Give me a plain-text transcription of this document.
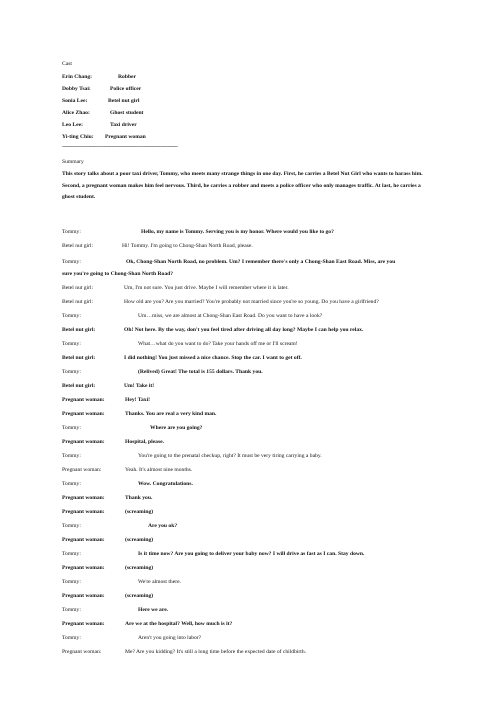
Cast
Erin Chang:	Robber
Dobby Tsai:	Police officer
Sonia Lee:	Betel nut girl
Alice Zhao:	Ghost student
Leo Lee:	Taxi driver
Yi-ting Chiu: Pregnant woman
-------------------------------------------------------------------------------
Summary
This story talks about a poor taxi driver, Tommy, who meets many strange things in one day. First, he carries a Betel Nut Girl who wants to harass him. Second, a pregnant woman makes him feel nervous. Third, he carries a robber and meets a police officer who only manages traffic. At last, he carries a ghost student.
Tommy:	Hello, my name is Tommy. Serving you is my honor. Where would you like to go?
Betel nut girl:	Hi! Tommy. I'm going to Chong-Shan North Road, please.
Tommy:	Ok, Chong-Shan North Road, no problem. Um? I remember there's only a Chong-Shan East Road. Miss, are you
sure you're going to Chong-Shan North Road?
Betel nut girl:	Um, I'm not sure. You just drive. Maybe I will remember where it is later.
Betel nut girl:	How old are you? Are you married? You're probably not married since you're so young. Do you have a girlfriend?
Tommy:	Um…miss, we are almost at Chong-Shan East Road. Do you want to have a look?
Betel nut girl:	Oh! Not here. By the way, don't you feel tired after driving all day long? Maybe I can help you relax.
Tommy:	What…what do you want to do? Take your hands off me or I'll scream!
Betel nut girl:	I did nothing! You just missed a nice chance. Stop the car. I want to get off.
Tommy:	(Relived) Great! The total is 155 dollars. Thank you.
Betel nut girl:	Um! Take it!
Pregnant woman:	Hey! Taxi!
Pregnant woman:	Thanks. You are real a very kind man.
Tommy:	Where are you going?
Pregnant woman:	Hospital, please.
Tommy:	You're going to the prenatal checkup, right? It must be very tiring carrying a baby.
Pregnant woman:	Yeah. It's almost nine months.
Tommy:	Wow. Congratulations.
Pregnant woman:	Thank you.
Pregnant woman:	(screaming)
Tommy:	Are you ok?
Pregnant woman:	(screaming)
Tommy:	Is it time now? Are you going to deliver your baby now? I will drive as fast as I can. Stay down.
Pregnant woman:	(screaming)
Tommy:	We're almost there.
Pregnant woman:	(screaming)
Tommy:	Here we are.
Pregnant woman:	Are we at the hospital? Well, how much is it?
Tommy:	Aren't you going into labor?
Pregnant woman:	Me? Are you kidding? It's still a long time before the expected date of childbirth.
